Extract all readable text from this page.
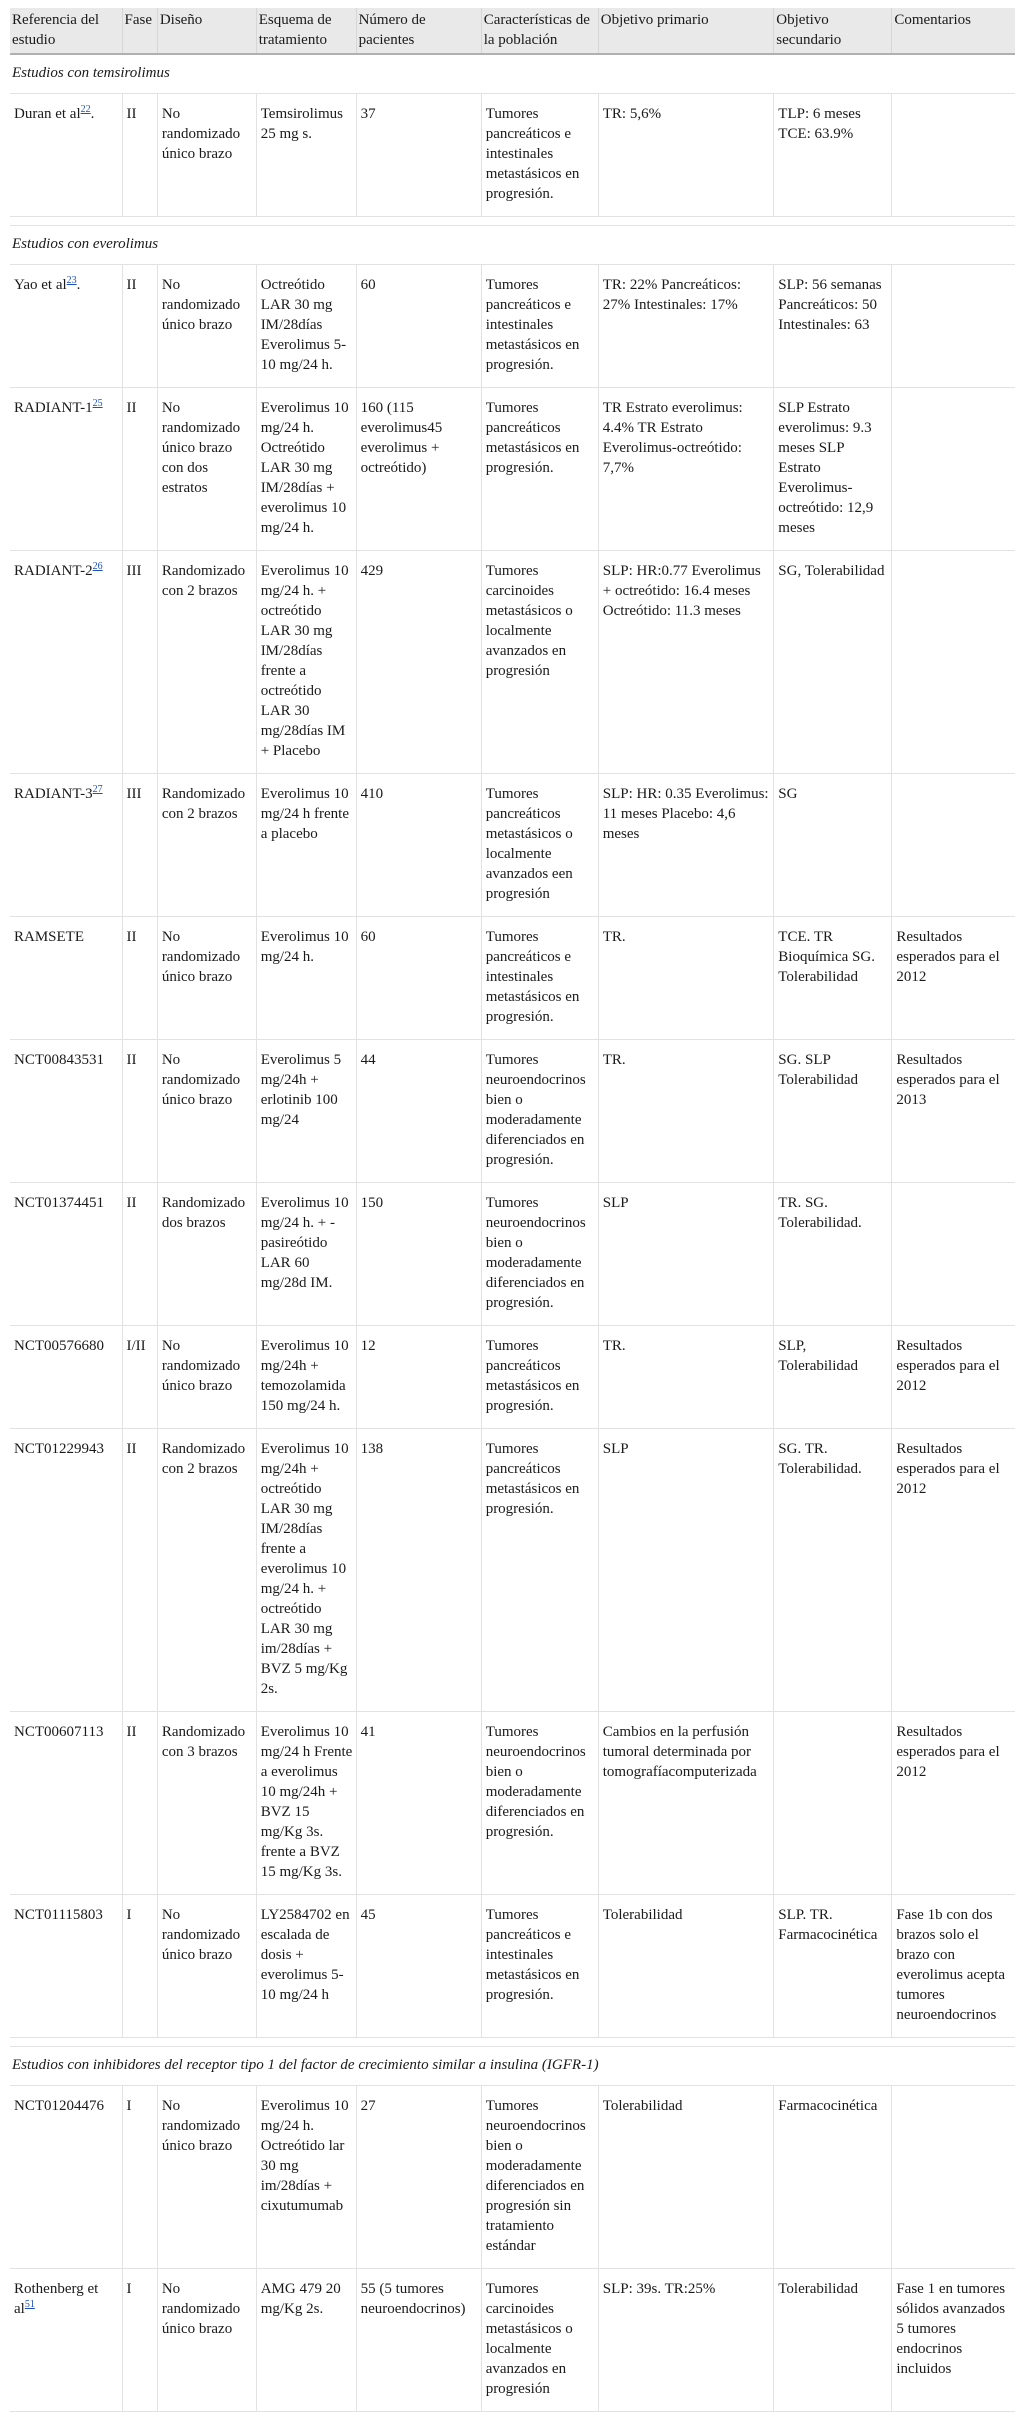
Referencia del estudio	Fase	Diseño	Esquema de tratamiento	Número de pacientes	Características de la población	Objetivo primario	Objetivo secundario	Comentarios
Estudios con temsirolimus								
Duran et $al^{22}$.	II	No randomizado único brazo	Temsirolimus 25 mg s.	37	Tumores pancreáticos e intestinales metastásicos en progresión.	TR: 5,6%	TLP: 6 meses TCE: 63.9%	

Estudios con everolimus								
Yao et $al^{23}$.	II	No randomizado único brazo	Octreótido LAR 30 mg IM/28días Everolimus 5-10 mg/24 h.	60	Tumores pancreáticos e intestinales metastásicos en progresión.	TR: 22% Pancreáticos: 27% Intestinales: 17%	SLP: 56 semanas Pancreáticos: 50 Intestinales: 63	
RADIANT-$1^{25}$	II	No randomizado único brazo con dos estratos	Everolimus 10 mg/24 h. Octreótido LAR 30 mg IM/28días + everolimus 10 mg/24 h.	160 (115 everolimus45 everolimus + octreótido)	Tumores pancreáticos metastásicos en progresión.	TR Estrato everolimus: 4.4% TR Estrato Everolimus-octreótido: 7,7%	SLP Estrato everolimus: 9.3 meses SLP Estrato Everolimus-octreótido: 12,9 meses	
RADIANT-$2^{26}$	III	Randomizado con 2 brazos	Everolimus 10 mg/24 h. + octreótido LAR 30 mg IM/28días frente a octreótido LAR 30 mg/28días IM + Placebo	429	Tumores carcinoides metastásicos o localmente avanzados en progresión	SLP: HR:0.77 Everolimus + octreótido: 16.4 meses Octreótido: 11.3 meses	SG, Tolerabilidad	
RADIANT-$3^{27}$	III	Randomizado con 2 brazos	Everolimus 10 mg/24 h frente a placebo	410	Tumores pancreáticos metastásicos o localmente avanzados een progresión	SLP: HR: 0.35 Everolimus: 11 meses Placebo: 4,6 meses	SG	
RAMSETE	II	No randomizado único brazo	Everolimus 10 mg/24 h.	60	Tumores pancreáticos e intestinales metastásicos en progresión.	TR.	TCE. TR Bioquímica SG. Tolerabilidad	Resultados esperados para el 2012
NCT00843531	II	No randomizado único brazo	Everolimus 5 mg/24h + erlotinib 100 mg/24	44	Tumores neuroendocrinos bien o moderadamente diferenciados en progresión.	TR.	SG. SLP Tolerabilidad	Resultados esperados para el 2013
NCT01374451	II	Randomizado dos brazos	Everolimus 10 mg/24 h. + - pasireótido LAR 60 mg/28d IM.	150	Tumores neuroendocrinos bien o moderadamente diferenciados en progresión.	SLP	TR. SG. Tolerabilidad.	
NCT00576680	I/II	No randomizado único brazo	Everolimus 10 mg/24h + temozolamida 150 mg/24 h.	12	Tumores pancreáticos metastásicos en progresión.	TR.	SLP, Tolerabilidad	Resultados esperados para el 2012
NCT01229943	II	Randomizado con 2 brazos	Everolimus 10 mg/24h + octreótido LAR 30 mg IM/28días frente a everolimus 10 mg/24 h. + octreótido LAR 30 mg im/28días + BVZ 5 mg/Kg 2s.	138	Tumores pancreáticos metastásicos en progresión.	SLP	SG. TR. Tolerabilidad.	Resultados esperados para el 2012
NCT00607113	II	Randomizado con 3 brazos	Everolimus 10 mg/24 h Frente a everolimus 10 mg/24h + BVZ 15 mg/Kg 3s. frente a BVZ 15 mg/Kg 3s.	41	Tumores neuroendocrinos bien o moderadamente diferenciados en progresión.	Cambios en la perfusión tumoral determinada por tomografíacomputerizada		Resultados esperados para el 2012
NCT01115803	I	No randomizado único brazo	LY2584702 en escalada de dosis + everolimus 5-10 mg/24 h	45	Tumores pancreáticos e intestinales metastásicos en progresión.	Tolerabilidad	SLP. TR. Farmacocinética	Fase 1b con dos brazos solo el brazo con everolimus acepta tumores neuroendocrinos

Estudios con inhibidores del receptor tipo 1 del factor de crecimiento similar a insulina (IGFR-1)								
NCT01204476	I	No randomizado único brazo	Everolimus 10 mg/24 h. Octreótido lar 30 mg im/28días + cixutumumab	27	Tumores neuroendocrinos bien o moderadamente diferenciados en progresión sin tratamiento estándar	Tolerabilidad	Farmacocinética	
Rothenberg et $al^{51}$	I	No randomizado único brazo	AMG 479 20 mg/Kg 2s.	55 (5 tumores neuroendocrinos)	Tumores carcinoides metastásicos o localmente avanzados en progresión	SLP: 39s. TR:25%	Tolerabilidad	Fase 1 en tumores sólidos avanzados 5 tumores endocrinos incluidos
